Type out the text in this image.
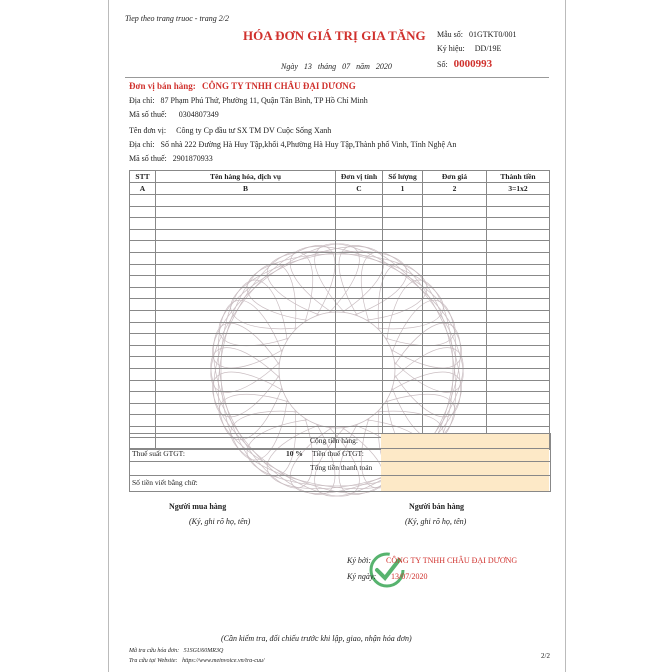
Tiep theo trang truoc - trang 2/2
HÓA ĐƠN GIÁ TRỊ GIA TĂNG Mẫu số: 01GTKT0/001
Ký hiệu: DD/19E
Số: 0000993
Ngày 13 tháng 07 năm 2020
Đơn vị bán hàng: CÔNG TY TNHH CHÂU ĐẠI DƯƠNG
Địa chỉ: 87 Phạm Phú Thứ, Phường 11, Quận Tân Bình, TP Hồ Chí Minh
Mã số thuế: 0304807349
Tên đơn vị: Công ty Cp đầu tư SX TM DV Cuộc Sống Xanh
Địa chỉ: Số nhà 222 Đường Hà Huy Tập,khối 4,Phường Hà Huy Tập,Thành phố Vinh, Tỉnh Nghệ An
Mã số thuế: 2901870933
STT	Tên hàng hóa, dịch vụ	Đơn vị tính	Số lượng	Đơn giá	Thành tiền
A	B	C	1	2	3=1x2

Cộng tiền hàng:
Thuế suất GTGT:	10 % Tiền thuế GTGT:
Tổng tiền thanh toán
Số tiền viết bằng chữ:
Người mua hàng
(Ký, ghi rõ họ, tên)
Người bán hàng
(Ký, ghi rõ họ, tên)
Ký bởi: CÔNG TY TNHH CHÂU ĐẠI DƯƠNG
Ký ngày: 13/07/2020
(Cần kiểm tra, đối chiếu trước khi lập, giao, nhận hóa đơn)
Mã tra cứu hóa đơn: 51SGU60MR3Q
Tra cứu tại Website: https://www.meinvoice.vn/tra-cuu/
2/2
